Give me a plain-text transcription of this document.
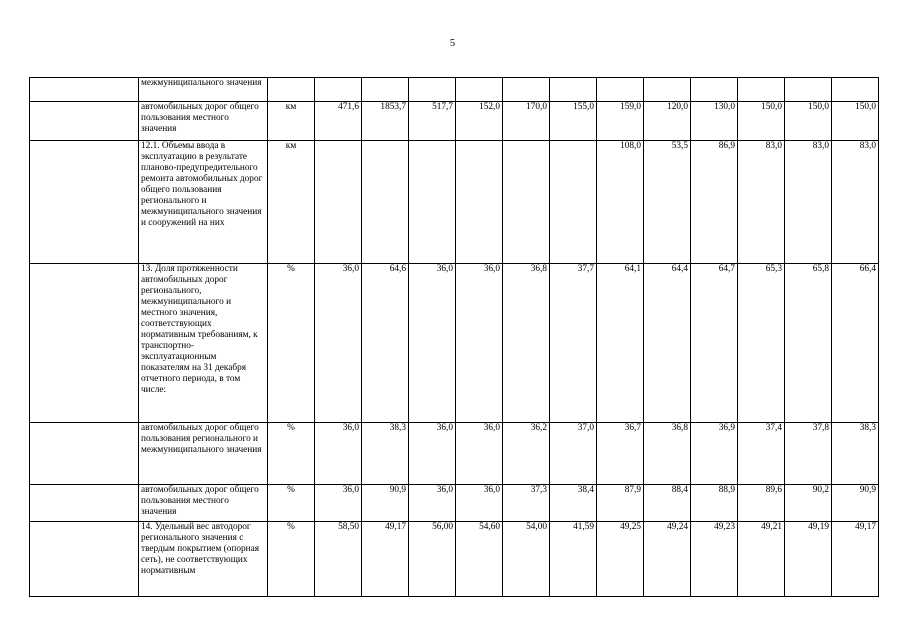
5
	межмуниципального значения													
	автомобильных дорог общего пользования местного значения	км	471,6	1853,7	517,7	152,0	170,0	155,0	159,0	120,0	130,0	150,0	150,0	150,0
	12.1. Объемы ввода в эксплуатацию в результате планово-предупредительного ремонта автомобильных дорог общего пользования регионального и межмуниципального значения и сооружений на них	км							108,0	53,5	86,9	83,0	83,0	83,0
	13. Доля протяженности автомобильных дорог регионального, межмуниципального и местного значения, соответствующих нормативным требованиям, к транспортно-эксплуатационным показателям на 31 декабря отчетного периода, в том числе:	%	36,0	64,6	36,0	36,0	36,8	37,7	64,1	64,4	64,7	65,3	65,8	66,4
	автомобильных дорог общего пользования регионального и межмуниципального значения	%	36,0	38,3	36,0	36,0	36,2	37,0	36,7	36,8	36,9	37,4	37,8	38,3
	автомобильных дорог общего пользования местного значения	%	36,0	90,9	36,0	36,0	37,3	38,4	87,9	88,4	88,9	89,6	90,2	90,9
	14. Удельный вес автодорог регионального значения с твердым покрытием (опорная сеть), не соответствующих нормативным	%	58,50	49,17	56,00	54,60	54,00	41,59	49,25	49,24	49,23	49,21	49,19	49,17
